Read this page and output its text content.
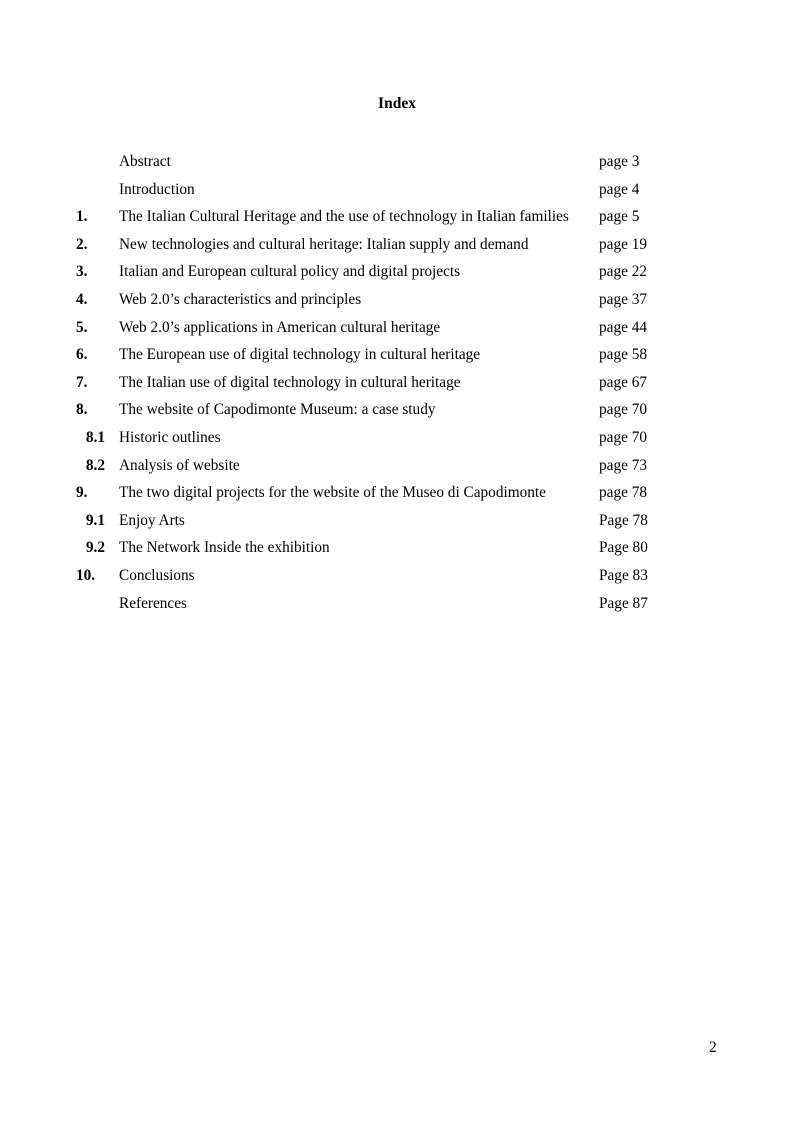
Index
Abstract	page 3
Introduction	page 4
1.	The Italian Cultural Heritage and the use of technology in Italian families	page 5
2.	New technologies and cultural heritage: Italian supply and demand	page 19
3.	Italian and European cultural policy and digital projects	page 22
4.	Web 2.0’s characteristics and principles	page 37
5.	Web 2.0’s applications in American cultural heritage	page 44
6.	The European use of digital technology in cultural heritage	page 58
7.	The Italian use of digital technology in cultural heritage	page 67
8.	The website of Capodimonte Museum: a case study	page 70
8.1 Historic outlines	page 70
8.2 Analysis of website	page 73
9.	The two digital projects for the website of the Museo di Capodimonte	page 78
9.1 Enjoy Arts	Page 78
9.2 The Network Inside the exhibition	Page 80
10.	Conclusions	Page 83
References	Page 87
2
